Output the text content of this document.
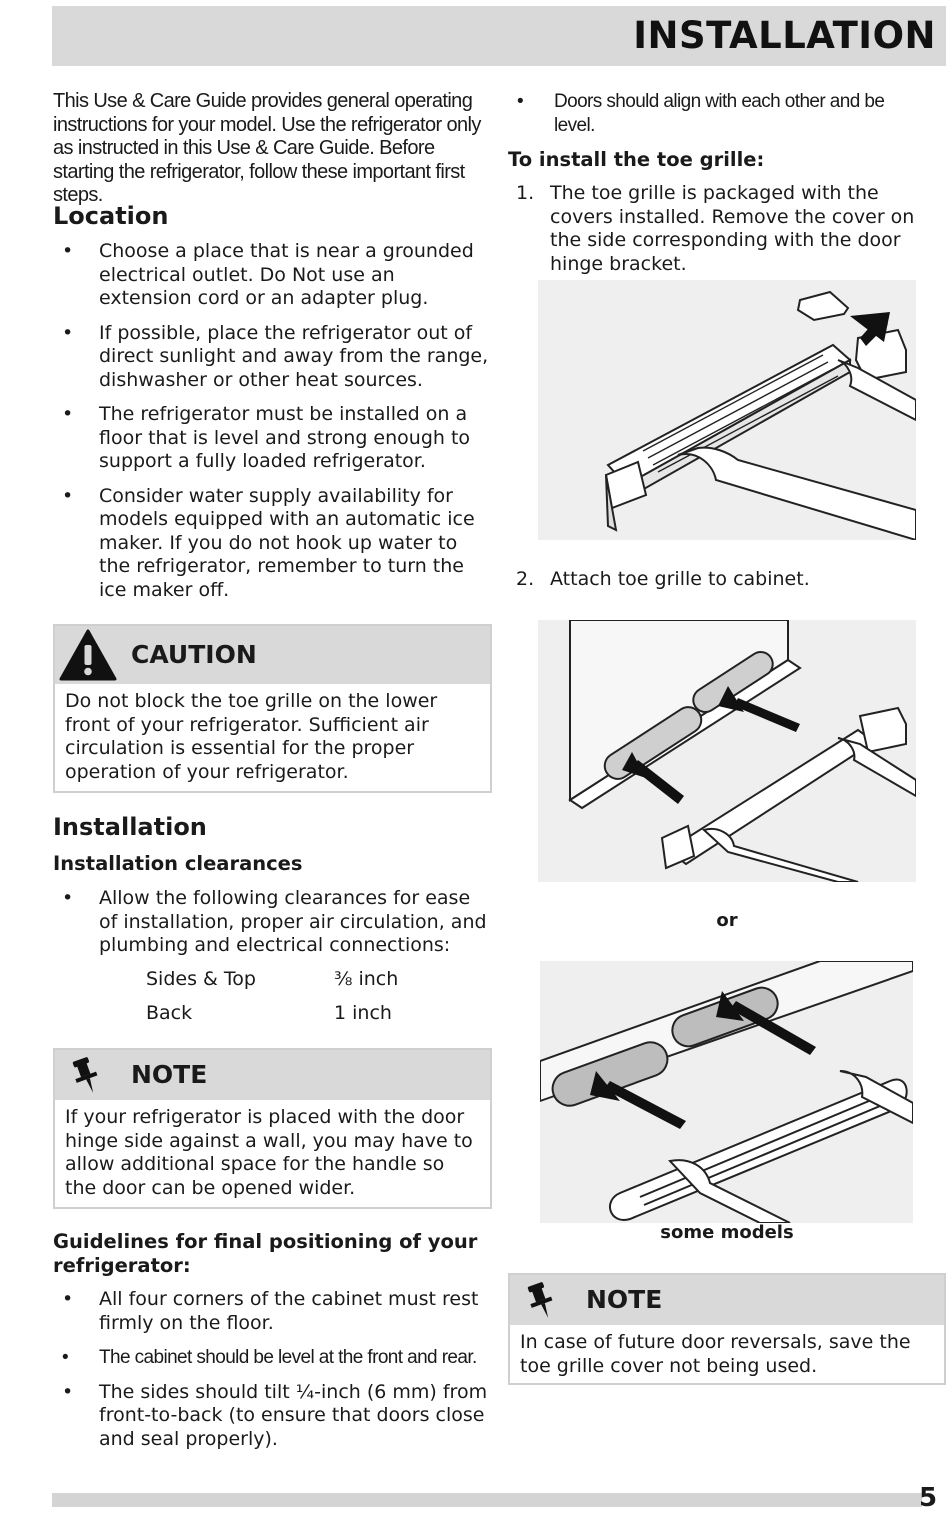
INSTALLATION
This Use & Care Guide provides general operating instructions for your model. Use the refrigerator only as instructed in this Use & Care Guide. Before starting the refrigerator, follow these important first steps.
Location
• Choose a place that is near a grounded electrical outlet. Do Not use an extension cord or an adapter plug.
• If possible, place the refrigerator out of direct sunlight and away from the range, dishwasher or other heat sources.
• The refrigerator must be installed on a floor that is level and strong enough to support a fully loaded refrigerator.
• Consider water supply availability for models equipped with an automatic ice maker. If you do not hook up water to the refrigerator, remember to turn the ice maker off.
CAUTION
Do not block the toe grille on the lower front of your refrigerator. Sufficient air circulation is essential for the proper operation of your refrigerator.
Installation
Installation clearances
• Allow the following clearances for ease of installation, proper air circulation, and plumbing and electrical connections:
Sides & Top	⅜ inch
Back	1 inch
NOTE
If your refrigerator is placed with the door hinge side against a wall, you may have to allow additional space for the handle so the door can be opened wider.
Guidelines for final positioning of your refrigerator:
• All four corners of the cabinet must rest firmly on the floor.
• The cabinet should be level at the front and rear.
• The sides should tilt ¼-inch (6 mm) from front-to-back (to ensure that doors close and seal properly).
• Doors should align with each other and be level.
To install the toe grille:
1. The toe grille is packaged with the covers installed. Remove the cover on the side corresponding with the door hinge bracket.
2. Attach toe grille to cabinet.
or
some models
NOTE
In case of future door reversals, save the toe grille cover not being used.
5
